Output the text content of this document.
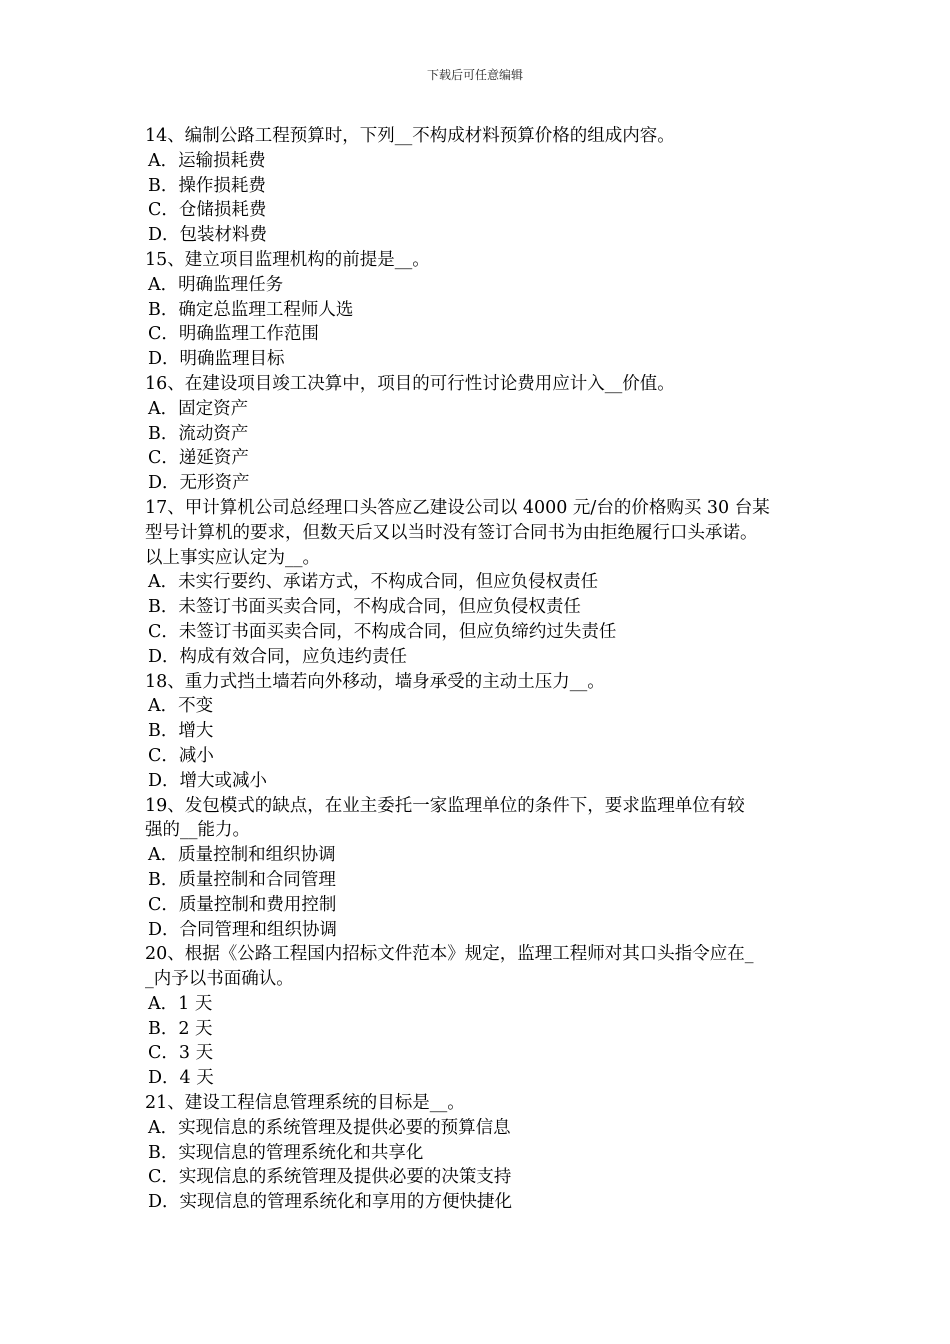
下载后可任意编辑
14、编制公路工程预算时，下列__不构成材料预算价格的组成内容。
A．运输损耗费
B．操作损耗费
C．仓储损耗费
D．包装材料费
15、建立项目监理机构的前提是__。
A．明确监理任务
B．确定总监理工程师人选
C．明确监理工作范围
D．明确监理目标
16、在建设项目竣工决算中，项目的可行性讨论费用应计入__价值。
A．固定资产
B．流动资产
C．递延资产
D．无形资产
17、甲计算机公司总经理口头答应乙建设公司以 4000 元/台的价格购买 30 台某
型号计算机的要求，但数天后又以当时没有签订合同书为由拒绝履行口头承诺。
以上事实应认定为__。
A．未实行要约、承诺方式，不构成合同，但应负侵权责任
B．未签订书面买卖合同，不构成合同，但应负侵权责任
C．未签订书面买卖合同，不构成合同，但应负缔约过失责任
D．构成有效合同，应负违约责任
18、重力式挡土墙若向外移动，墙身承受的主动土压力__。
A．不变
B．增大
C．减小
D．增大或减小
19、发包模式的缺点，在业主委托一家监理单位的条件下，要求监理单位有较
强的__能力。
A．质量控制和组织协调
B．质量控制和合同管理
C．质量控制和费用控制
D．合同管理和组织协调
20、根据《公路工程国内招标文件范本》规定，监理工程师对其口头指令应在_
_内予以书面确认。
A．1 天
B．2 天
C．3 天
D．4 天
21、建设工程信息管理系统的目标是__。
A．实现信息的系统管理及提供必要的预算信息
B．实现信息的管理系统化和共享化
C．实现信息的系统管理及提供必要的决策支持
D．实现信息的管理系统化和享用的方便快捷化
